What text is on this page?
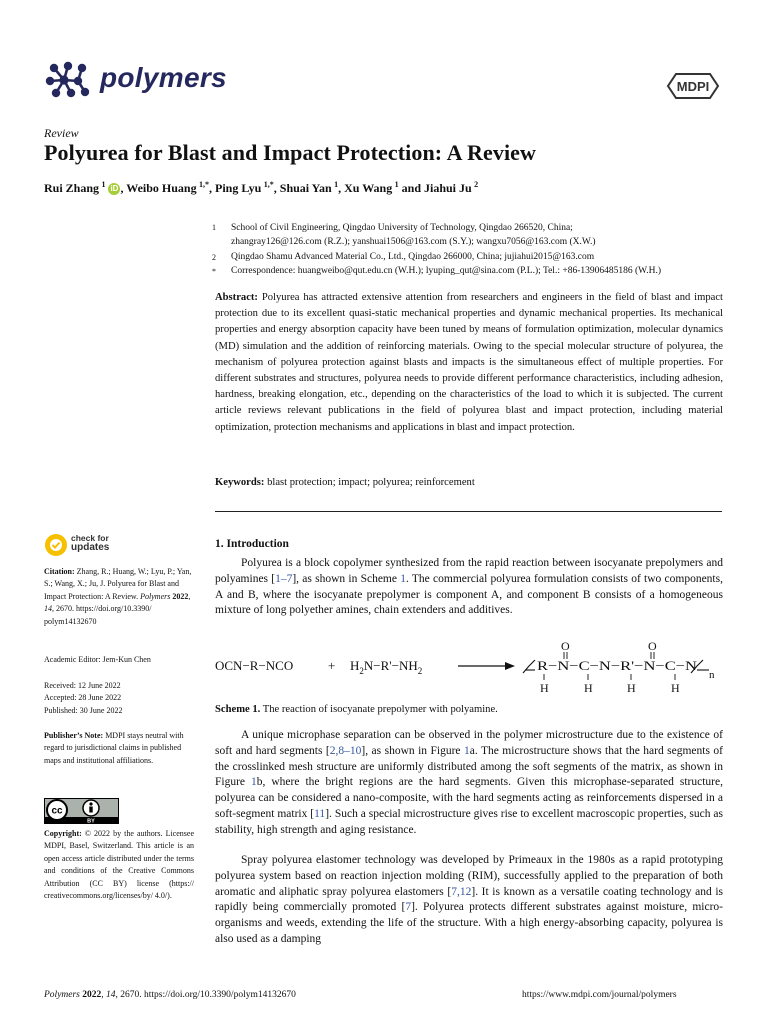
polymers	MDPI
Review
Polyurea for Blast and Impact Protection: A Review
Rui Zhang  $^1$ iD , Weibo Huang  $^{1,*}$, Ping Lyu  $^{1,*}$, Shuai Yan  $^1$, Xu Wang  $^1$ and Jiahui Ju  $^2$
1 School of Civil Engineering, Qingdao University of Technology, Qingdao 266520, China;
zhangray126@126.com (R.Z.); yanshuai1506@163.com (S.Y.); wangxu7056@163.com (X.W.)
2 Qingdao Shamu Advanced Material Co., Ltd., Qingdao 266000, China; jujiahui2015@163.com
* Correspondence: huangweibo@qut.edu.cn (W.H.); lyuping_qut@sina.com (P.L.); Tel.: +86-13906485186 (W.H.)
Abstract: Polyurea has attracted extensive attention from researchers and engineers in the field of blast and impact protection due to its excellent quasi-static mechanical properties and dynamic mechanical properties. Its mechanical properties and energy absorption capacity have been tuned by means of formulation optimization, molecular dynamics (MD) simulation and the addition of reinforcing materials. Owing to the special molecular structure of polyurea, the mechanism of polyurea protection against blasts and impacts is the simultaneous effect of multiple properties. For different substrates and structures, polyurea needs to provide different performance characteristics, including adhesion, hardness, breaking elongation, etc., depending on the characteristics of the load to which it is subjected. The current article reviews relevant publications in the field of polyurea blast and impact protection, including material optimization, protection mechanisms and applications in blast and impact protection.
Keywords: blast protection; impact; polyurea; reinforcement
check for
updates
Citation: Zhang, R.; Huang, W.; Lyu, P.; Yan, S.; Wang, X.; Ju, J. Polyurea for Blast and Impact Protection: A Review. Polymers 2022, 14, 2670. https://doi.org/10.3390/ polym14132670
Academic Editor: Jem-Kun Chen
Received: 12 June 2022
Accepted: 28 June 2022
Published: 30 June 2022
Publisher’s Note: MDPI stays neutral with regard to jurisdictional claims in published maps and institutional affiliations.
cc
BY
Copyright: © 2022 by the authors. Licensee MDPI, Basel, Switzerland. This article is an open access article distributed under the terms and conditions of the Creative Commons Attribution (CC BY) license (https:// creativecommons.org/licenses/by/ 4.0/).
1. Introduction
Polyurea is a block copolymer synthesized from the rapid reaction between isocyanate prepolymers and polyamines [1–7], as shown in Scheme 1. The commercial polyurea formulation consists of two components, A and B, where the isocyanate prepolymer is component A, and component B consists of a homogeneous mixture of long polyether amines, chain extenders and additives.
OCN−R−NCO	+ $H_2N-R'-NH_2$	R−N−C−N−R'−N−C−N
n
O	O
H	H	H	H
Scheme 1. The reaction of isocyanate prepolymer with polyamine.
A unique microphase separation can be observed in the polymer microstructure due to the existence of soft and hard segments [2,8–10], as shown in Figure 1a. The microstructure shows that the hard segments of the crosslinked mesh structure are uniformly distributed among the soft segments of the matrix, as shown in Figure 1b, where the bright regions are the hard segments. Given this microphase-separated structure, polyurea can be considered a nano-composite, with the hard segments acting as reinforcements dispersed in a soft-segment matrix [11]. Such a special microstructure gives rise to excellent macroscopic properties, such as stability, high strength and aging resistance.
Spray polyurea elastomer technology was developed by Primeaux in the 1980s as a rapid prototyping polyurea system based on reaction injection molding (RIM), successfully applied to the preparation of both aromatic and aliphatic spray polyurea elastomers [7,12]. It is known as a versatile coating technology and is rapidly being commercially promoted [7]. Polyurea protects different substrates against moisture, micro-organisms and weeds, extending the life of the structure. With a high energy-absorbing capacity, polyurea is also used as a damping
Polymers 2022, 14, 2670. https://doi.org/10.3390/polym14132670	https://www.mdpi.com/journal/polymers
